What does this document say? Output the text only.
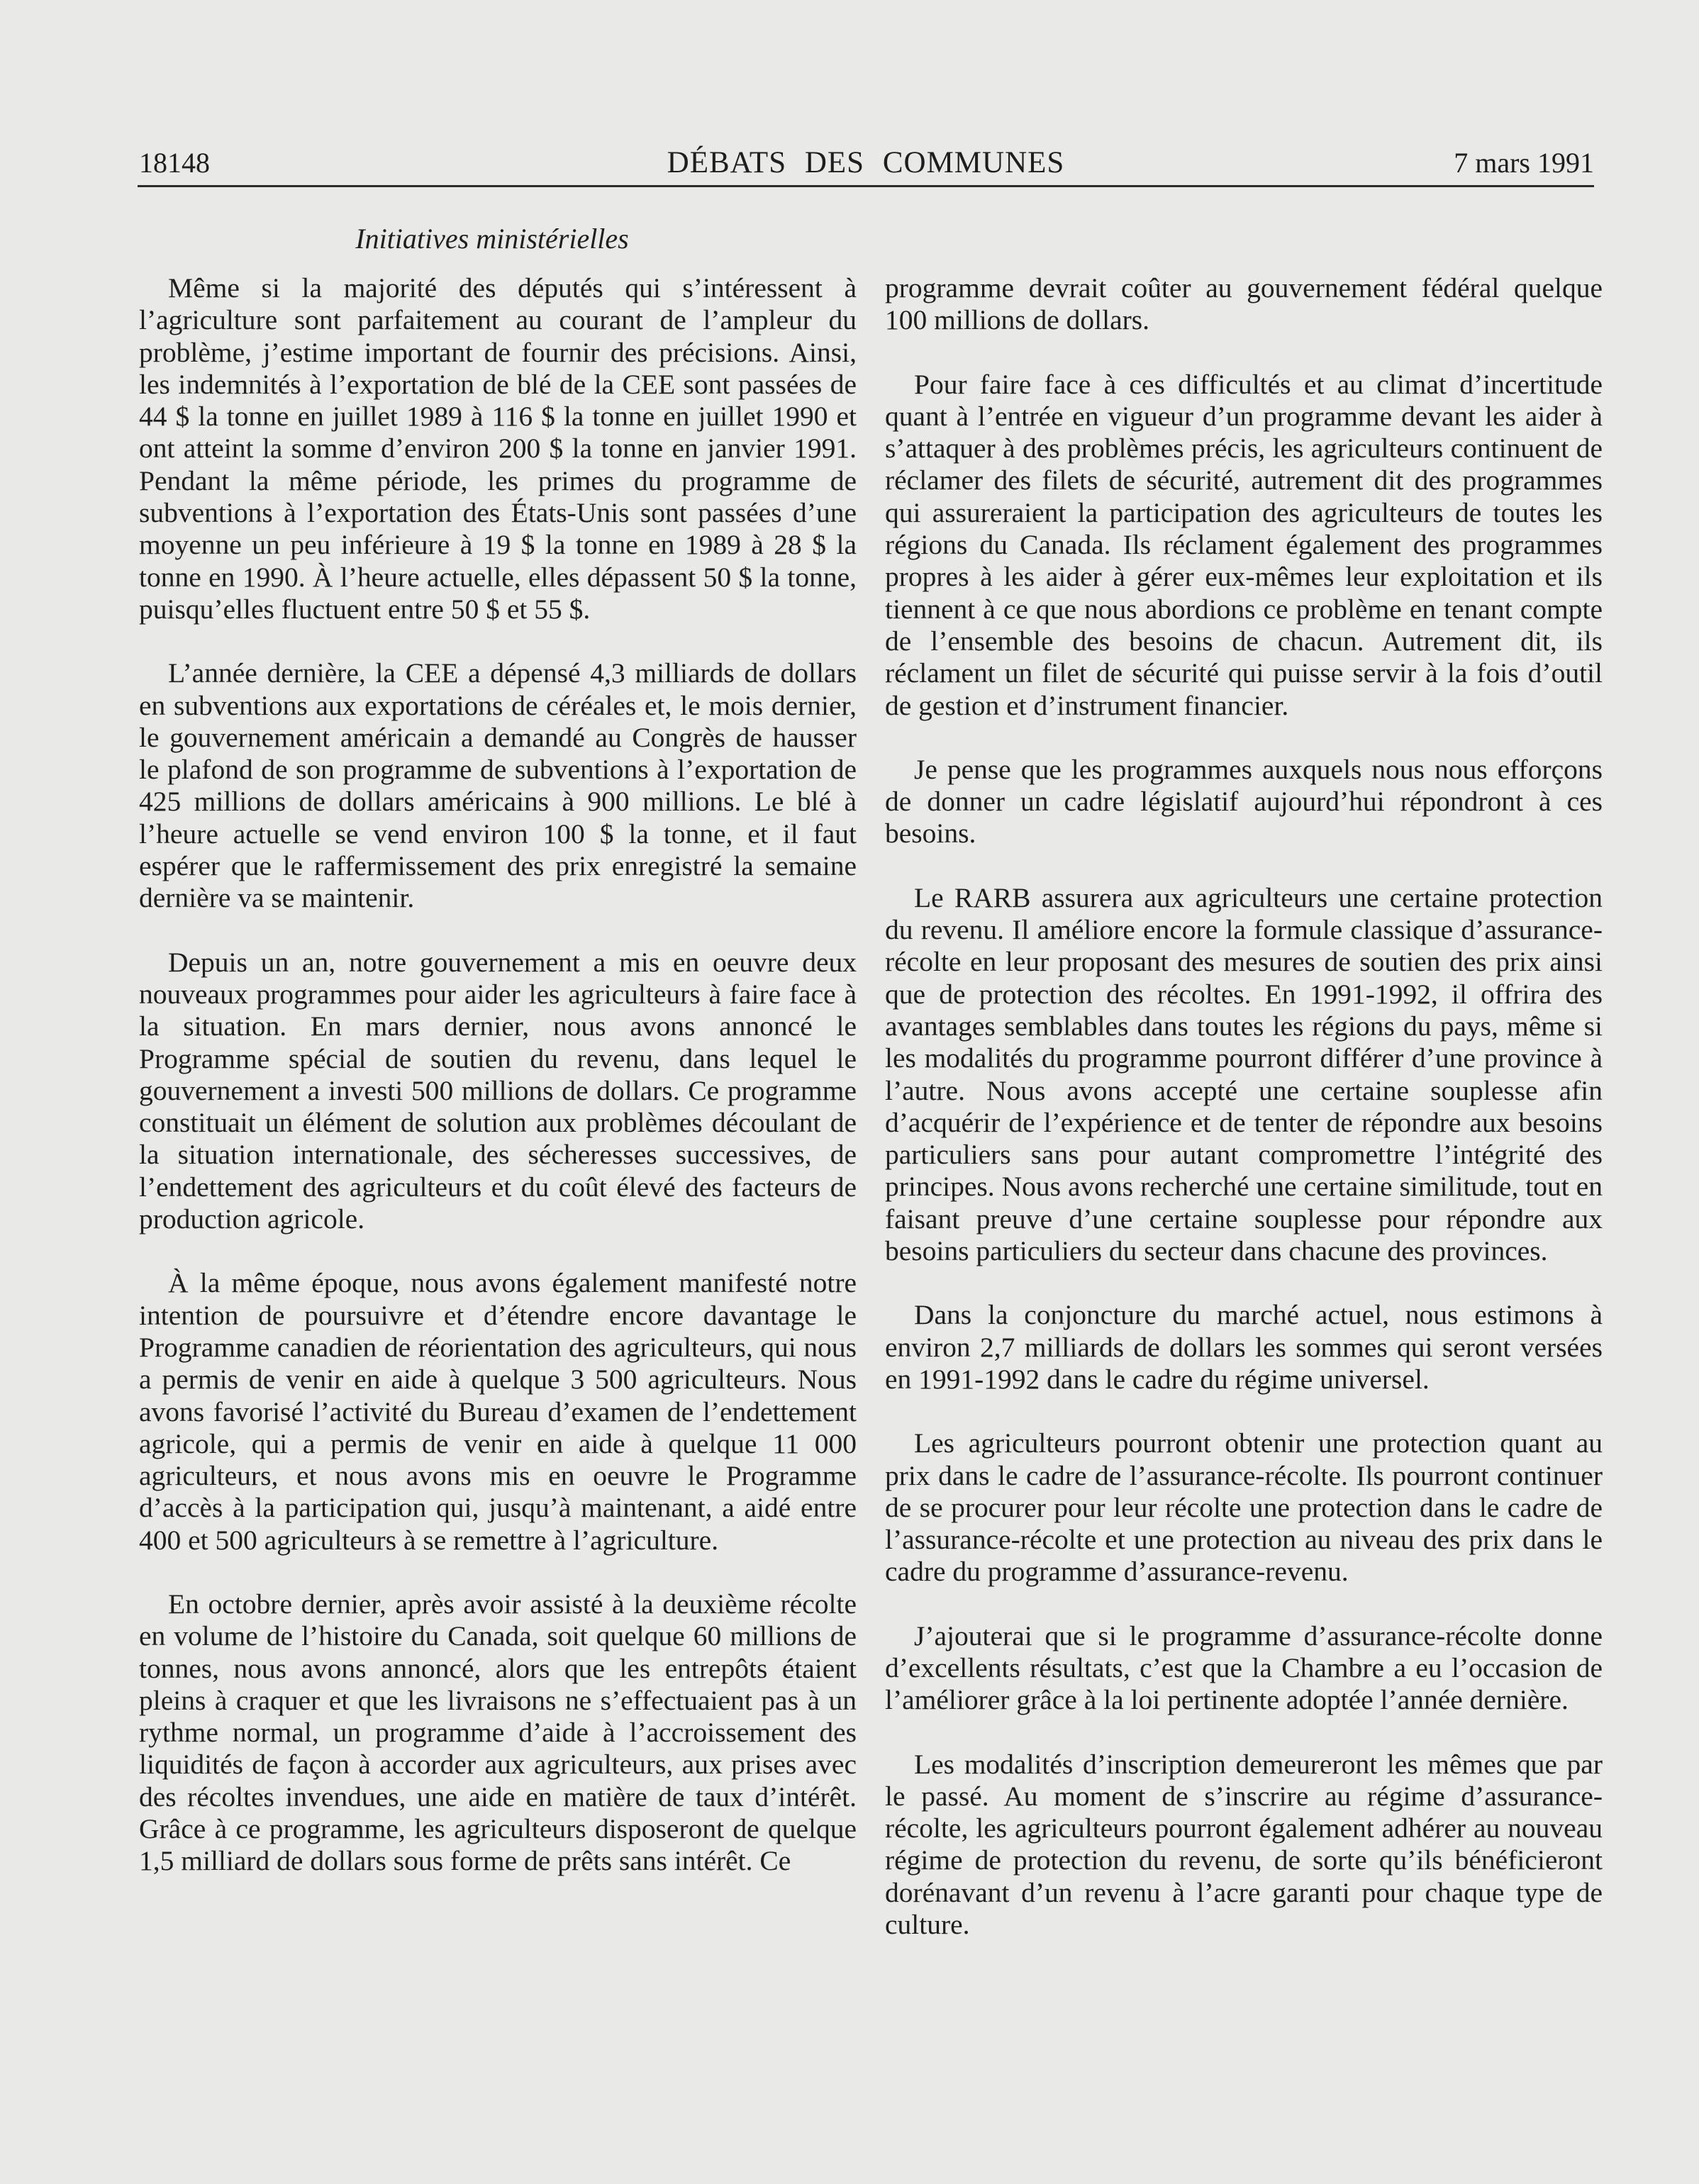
18148	DÉBATS DES COMMUNES	7 mars 1991
Initiatives ministérielles

Même si la majorité des députés qui s’intéressent à l’agriculture sont parfaitement au courant de l’ampleur du problème, j’estime important de fournir des précisions. Ainsi, les indemnités à l’exportation de blé de la CEE sont passées de 44 $ la tonne en juillet 1989 à 116 $ la tonne en juillet 1990 et ont atteint la somme d’environ 200 $ la tonne en janvier 1991. Pendant la même période, les primes du programme de subventions à l’exportation des États-Unis sont passées d’une moyenne un peu inférieure à 19 $ la tonne en 1989 à 28 $ la tonne en 1990. À l’heure actuelle, elles dépassent 50 $ la tonne, puisqu’elles fluctuent entre 50 $ et 55 $.

L’année dernière, la CEE a dépensé 4,3 milliards de dollars en subventions aux exportations de céréales et, le mois dernier, le gouvernement américain a demandé au Congrès de hausser le plafond de son programme de subventions à l’exportation de 425 millions de dollars américains à 900 millions. Le blé à l’heure actuelle se vend environ 100 $ la tonne, et il faut espérer que le raffermissement des prix enregistré la semaine dernière va se maintenir.

Depuis un an, notre gouvernement a mis en oeuvre deux nouveaux programmes pour aider les agriculteurs à faire face à la situation. En mars dernier, nous avons annoncé le Programme spécial de soutien du revenu, dans lequel le gouvernement a investi 500 millions de dollars. Ce programme constituait un élément de solution aux problèmes découlant de la situation internationale, des sécheresses successives, de l’endettement des agriculteurs et du coût élevé des facteurs de production agricole.

À la même époque, nous avons également manifesté notre intention de poursuivre et d’étendre encore davantage le Programme canadien de réorientation des agriculteurs, qui nous a permis de venir en aide à quelque 3 500 agriculteurs. Nous avons favorisé l’activité du Bureau d’examen de l’endettement agricole, qui a permis de venir en aide à quelque 11 000 agriculteurs, et nous avons mis en oeuvre le Programme d’accès à la participation qui, jusqu’à maintenant, a aidé entre 400 et 500 agriculteurs à se remettre à l’agriculture.

En octobre dernier, après avoir assisté à la deuxième récolte en volume de l’histoire du Canada, soit quelque 60 millions de tonnes, nous avons annoncé, alors que les entrepôts étaient pleins à craquer et que les livraisons ne s’effectuaient pas à un rythme normal, un programme d’aide à l’accroissement des liquidités de façon à accorder aux agriculteurs, aux prises avec des récoltes invendues, une aide en matière de taux d’intérêt. Grâce à ce programme, les agriculteurs disposeront de quelque 1,5 milliard de dollars sous forme de prêts sans intérêt. Ce

programme devrait coûter au gouvernement fédéral quelque 100 millions de dollars.

Pour faire face à ces difficultés et au climat d’incertitude quant à l’entrée en vigueur d’un programme devant les aider à s’attaquer à des problèmes précis, les agriculteurs continuent de réclamer des filets de sécurité, autrement dit des programmes qui assureraient la participation des agriculteurs de toutes les régions du Canada. Ils réclament également des programmes propres à les aider à gérer eux-mêmes leur exploitation et ils tiennent à ce que nous abordions ce problème en tenant compte de l’ensemble des besoins de chacun. Autrement dit, ils réclament un filet de sécurité qui puisse servir à la fois d’outil de gestion et d’instrument financier.

Je pense que les programmes auxquels nous nous efforçons de donner un cadre législatif aujourd’hui répondront à ces besoins.

Le RARB assurera aux agriculteurs une certaine protection du revenu. Il améliore encore la formule classique d’assurance-récolte en leur proposant des mesures de soutien des prix ainsi que de protection des récoltes. En 1991-1992, il offrira des avantages semblables dans toutes les régions du pays, même si les modalités du programme pourront différer d’une province à l’autre. Nous avons accepté une certaine souplesse afin d’acquérir de l’expérience et de tenter de répondre aux besoins particuliers sans pour autant compromettre l’intégrité des principes. Nous avons recherché une certaine similitude, tout en faisant preuve d’une certaine souplesse pour répondre aux besoins particuliers du secteur dans chacune des provinces.

Dans la conjoncture du marché actuel, nous estimons à environ 2,7 milliards de dollars les sommes qui seront versées en 1991-1992 dans le cadre du régime universel.

Les agriculteurs pourront obtenir une protection quant au prix dans le cadre de l’assurance-récolte. Ils pourront continuer de se procurer pour leur récolte une protection dans le cadre de l’assurance-récolte et une protection au niveau des prix dans le cadre du programme d’assurance-revenu.

J’ajouterai que si le programme d’assurance-récolte donne d’excellents résultats, c’est que la Chambre a eu l’occasion de l’améliorer grâce à la loi pertinente adoptée l’année dernière.

Les modalités d’inscription demeureront les mêmes que par le passé. Au moment de s’inscrire au régime d’assurance-récolte, les agriculteurs pourront également adhérer au nouveau régime de protection du revenu, de sorte qu’ils bénéficieront dorénavant d’un revenu à l’acre garanti pour chaque type de culture.
